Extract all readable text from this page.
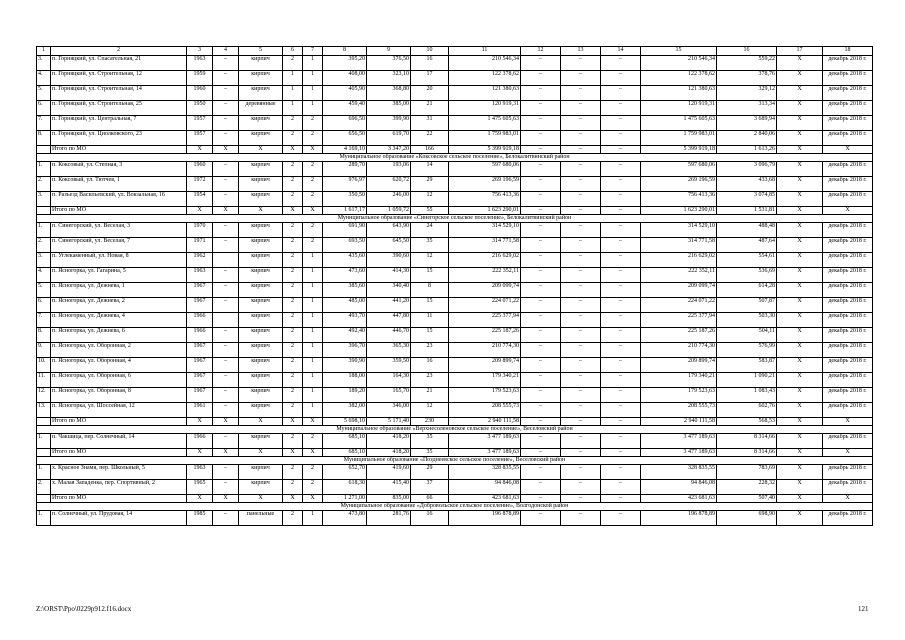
1	2	3	4	5	6	7	8	9	10	11	12	13	14	15	16	17	18
3.	п. Горняцкий, ул. Спасательная, 21	1963	–	кирпич	2	1	395,20	376,50	16	210 546,34	–	–	–	210 546,34	559,22	X	декабрь 2018 г.
4.	п. Горняцкий, ул. Строительная, 12	1959	–	кирпич	1	1	408,00	323,10	17	122 378,62	–	–	–	122 378,62	378,76	X	декабрь 2018 г.
5.	п. Горняцкий, ул. Строительная, 14	1960	–	кирпич	1	1	405,90	368,80	20	121 380,63	–	–	–	121 380,63	329,12	X	декабрь 2018 г.
6.	п. Горняцкий, ул. Строительная, 25	1950	–	деревянные	1	1	459,40	385,00	21	120 919,31	–	–	–	120 919,31	313,34	X	декабрь 2018 г.
7.	п. Горняцкий, ул. Центральная, 7	1957	–	кирпич	2	2	696,50	399,90	31	1 475 605,63	–	–	–	1 475 605,63	3 689,94	X	декабрь 2018 г.
8.	п. Горняцкий, ул. Циолковского, 23	1957	–	кирпич	2	2	656,50	619,70	22	1 759 983,01	–	–	–	1 759 983,01	2 840,06	X	декабрь 2018 г.
	Итого по МО	X	X	X	X	X	4 169,10	3 347,20	166	5 399 919,18	–	–	–	5 399 919,18	1 613,26	X	X
Муниципальное образование «Коксовское сельское поселение», Белокалитвинский район																	
1.	п. Коксовый, ул. Степная, 3	1960	–	кирпич	2	2	289,70	193,06	14	597 680,06	–	–	–	597 680,06	3 096,79	X	декабрь 2018 г.
2.	п. Коксовый, ул. Тютчев, 1	1972	–	кирпич	2	2	976,97	620,72	29	269 196,59	–	–	–	269 196,59	433,68	X	декабрь 2018 г.
3.	п. Разъезд Васильевский, ул. Вокзальная, 16	1954	–	кирпич	2	2	350,50	246,00	12	756 413,36	–	–	–	756 413,36	3 074,85	X	декабрь 2018 г.
	Итого по МО	X	X	X	X	X	1 617,17	1 059,72	55	1 623 290,01	–	–	–	1 623 290,01	1 531,81	X	X
Муниципальное образование «Синегорское сельское поселение», Белокалитвинский район																	
1.	п. Синегорский, ул. Веселая, 3	1970	–	кирпич	2	2	691,90	643,90	24	314 529,10	–	–	–	314 529,10	488,48	X	декабрь 2018 г.
2.	п. Синегорский, ул. Веселая, 7	1971	–	кирпич	2	2	693,50	645,50	35	314 771,58	–	–	–	314 771,58	487,64	X	декабрь 2018 г.
3.	п. Углекаменный, ул. Новая, 8	1962		кирпич	2	1	435,60	390,60	12	216 629,02	–	–	–	216 629,02	554,61	X	декабрь 2018 г.
4.	п. Ясногорка, ул. Гагарина, 5	1963	–	кирпич	2	1	473,60	414,30	15	222 352,11	–	–	–	222 352,11	536,69	X	декабрь 2018 г.
5.	п. Ясногорка, ул. Дежнева, 1	1967	–	кирпич	2	1	385,60	340,40	8	209 099,74	–	–	–	209 099,74	614,28	X	декабрь 2018 г.
6.	п. Ясногорка, ул. Дежнева, 2	1967	–	кирпич	2	1	485,00	441,20	15	224 071,22	–	–	–	224 071,22	507,87	X	декабрь 2018 г.
7.	п. Ясногорка, ул. Дежнева, 4	1966		кирпич	2	1	493,70	447,80	11	225 377,94	–	–	–	225 377,94	503,30	X	декабрь 2018 г.
8.	п. Ясногорка, ул. Дежнева, 6	1966	–	кирпич	2	1	492,40	446,70	15	225 187,26	–	–	–	225 187,26	504,11	X	декабрь 2018 г.
9.	п. Ясногорка, ул. Оборонная, 2	1967	–	кирпич	2	1	396,70	365,30	23	210 774,30	–	–	–	210 774,30	576,99	X	декабрь 2018 г.
10.	п. Ясногорка, ул. Оборонная, 4	1967	–	кирпич	2	1	390,90	359,50	16	209 899,74	–	–	–	209 899,74	583,87	X	декабрь 2018 г.
11.	п. Ясногорка, ул. Оборонная, 6	1967	–	кирпич	2	1	188,00	164,30	23	179 340,21	–	–	–	179 340,21	1 090,21	X	декабрь 2018 г.
12.	п. Ясногорка, ул. Оборонная, 8	1967	–	кирпич	2	1	189,20	165,70	21	179 523,63	–	–	–	179 523,63	1 083,43	X	декабрь 2018 г.
13.	п. Ясногорка, ул. Шоссейная, 12	1961	–	кирпич	2	1	382,00	346,00	12	208 555,73	–	–	–	208 555,73	602,76	X	декабрь 2018 г.
	Итого по МО	X	X	X	X	X	5 698,10	5 171,40	230	2 940 111,58	–	–	–	2 940 111,58	568,53	X	X
Муниципальное образование «Верхнесоленовское сельское поселение», Веселовский район																	
1.	п. Чакшица, пер. Солнечный, 14	1966	–	кирпич	2	2	685,10	418,20	35	3 477 189,63	–	–	–	3 477 189,63	8 314,66	X	декабрь 2018 г.
	Итого по МО	X	X	X	X	X	685,10	418,20	35	3 477 189,63	–	–	–	3 477 189,63	8 314,66	X	X
Муниципальное образование «Позднеевское сельское поселение», Веселовский район																	
1.	х. Красное Знамя, пер. Школьный, 5	1963	–	кирпич	2	2	652,70	419,60	29	328 835,55	–	–	–	328 835,55	783,69	X	декабрь 2018 г.
2.	х. Малая Западенка, пер. Спортивный, 2	1965	–	кирпич	2	2	618,30	415,40	37	94 846,08	–	–	–	94 846,08	228,32	X	декабрь 2018 г.
	Итого по МО	X	X	X	X	X	1 271,00	835,00	66	423 681,63	–	–	–	423 681,63	507,40	X	X
Муниципальное образование «Добровольское сельское поселение», Волгодонской район																	
1.	п. Солнечный, ул. Прудовая, 14	1985	–	панельные	2	1	473,80	281,76	16	196 878,89	–	–	–	196 878,89	698,90	X	декабрь 2018 г.
Z:\ORST\Ppo\0229p912.f16.docx	121
